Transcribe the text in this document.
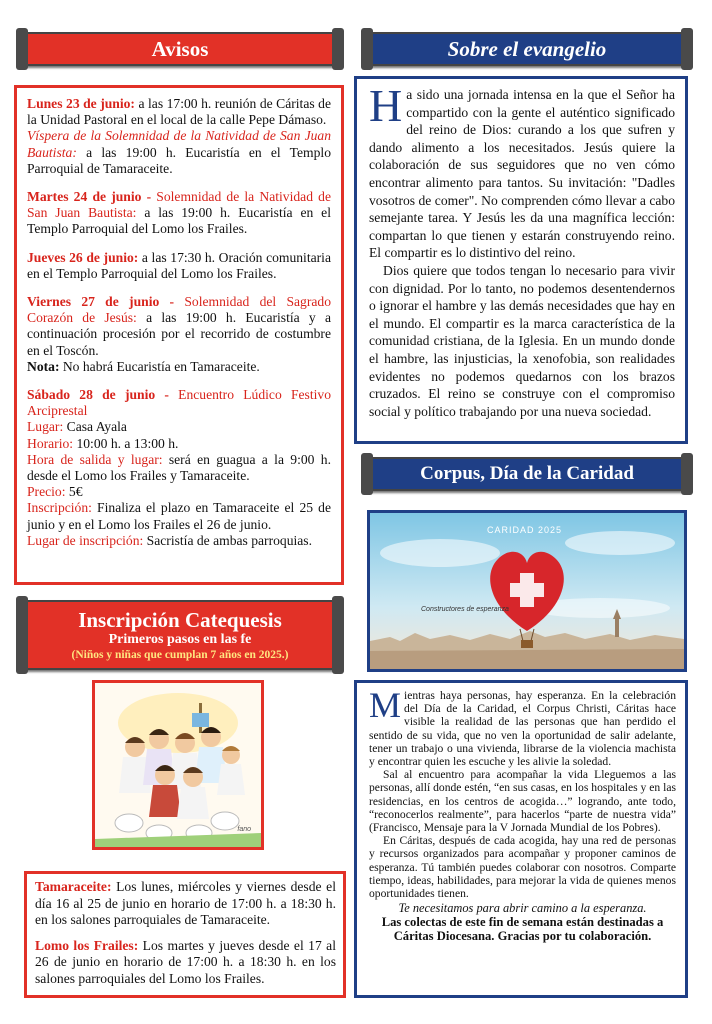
Avisos

Lunes 23 de junio: a las 17:00 h. reunión de Cáritas de la Unidad Pastoral en el local de la calle Pepe Dámaso.

Víspera de la Solemnidad de la Natividad de San Juan Bautista: a las 19:00 h. Eucaristía en el Templo Parroquial de Tamaraceite.

Martes 24 de junio - Solemnidad de la Natividad de San Juan Bautista: a las 19:00 h. Eucaristía en el Templo Parroquial del Lomo los Frailes.

Jueves 26 de junio: a las 17:30 h. Oración comunitaria en el Templo Parroquial del Lomo los Frailes.

Viernes 27 de junio - Solemnidad del Sagrado Corazón de Jesús: a las 19:00 h. Eucaristía y a continuación procesión por el recorrido de costumbre en el Toscón.

Nota: No habrá Eucaristía en Tamaraceite.

Sábado 28 de junio - Encuentro Lúdico Festivo Arciprestal
Lugar: Casa Ayala
Horario: 10:00 h. a 13:00 h.
Hora de salida y lugar: será en guagua a la 9:00 h. desde el Lomo los Frailes y Tamaraceite.
Precio: 5€
Inscripción: Finaliza el plazo en Tamaraceite el 25 de junio y en el Lomo los Frailes el 26 de junio.
Lugar de inscripción: Sacristía de ambas parroquias.
Sobre el evangelio

Ha sido una jornada intensa en la que el Señor ha compartido con la gente el auténtico significado del reino de Dios: curando a los que sufren y dando alimento a los necesitados. Jesús quiere la colaboración de sus seguidores que no ven cómo encontrar alimento para tantos. Su invitación: "Dadles vosotros de comer". No comprenden cómo llevar a cabo semejante tarea. Y Jesús les da una magnífica lección: compartan lo que tienen y estarán construyendo reino. El compartir es lo distintivo del reino.

Dios quiere que todos tengan lo necesario para vivir con dignidad. Por lo tanto, no podemos desentendernos o ignorar el hambre y las demás necesidades que hay en el mundo. El compartir es la marca característica de la comunidad cristiana, de la Iglesia. En un mundo donde el hambre, las injusticias, la xenofobia, son realidades evidentes no podemos quedarnos con los brazos cruzados. El reino se construye con el compromiso social y político trabajando por una nueva sociedad.

Corpus, Día de la Caridad
CARIDAD 2025
Constructores de esperanza

Mientras haya personas, hay esperanza. En la celebración del Día de la Caridad, el Corpus Christi, Cáritas hace visible la realidad de las personas que han perdido el sentido de su vida, que no ven la oportunidad de salir adelante, tener un trabajo o una vivienda, librarse de la violencia machista y encontrar quien les escuche y les alivie la soledad.

Sal al encuentro para acompañar la vida Lleguemos a las personas, allí donde estén, “en sus casas, en los hospitales y en las residencias, en los centros de acogida…” logrando, ante todo, “reconocerlos realmente”, para hacerlos “parte de nuestra vida” (Francisco, Mensaje para la V Jornada Mundial de los Pobres).

En Cáritas, después de cada acogida, hay una red de personas y recursos organizados para acompañar y proponer caminos de esperanza. Tú también puedes colaborar con nosotros. Comparte tiempo, ideas, habilidades, para mejorar la vida de quienes menos oportunidades tienen.

Te necesitamos para abrir camino a la esperanza.

Las colectas de este fin de semana están destinadas a Cáritas Diocesana. Gracias por tu colaboración.

Inscripción Catequesis
Primeros pasos en las fe
(Niños y niñas que cumplan 7 años en 2025.)
fano

Tamaraceite: Los lunes, miércoles y viernes desde el día 16 al 25 de junio en horario de 17:00 h. a 18:30 h. en los salones parroquiales de Tamaraceite.

Lomo los Frailes: Los martes y jueves desde el 17 al 26 de junio en horario de 17:00 h. a 18:30 h. en los salones parroquiales del Lomo los Frailes.
